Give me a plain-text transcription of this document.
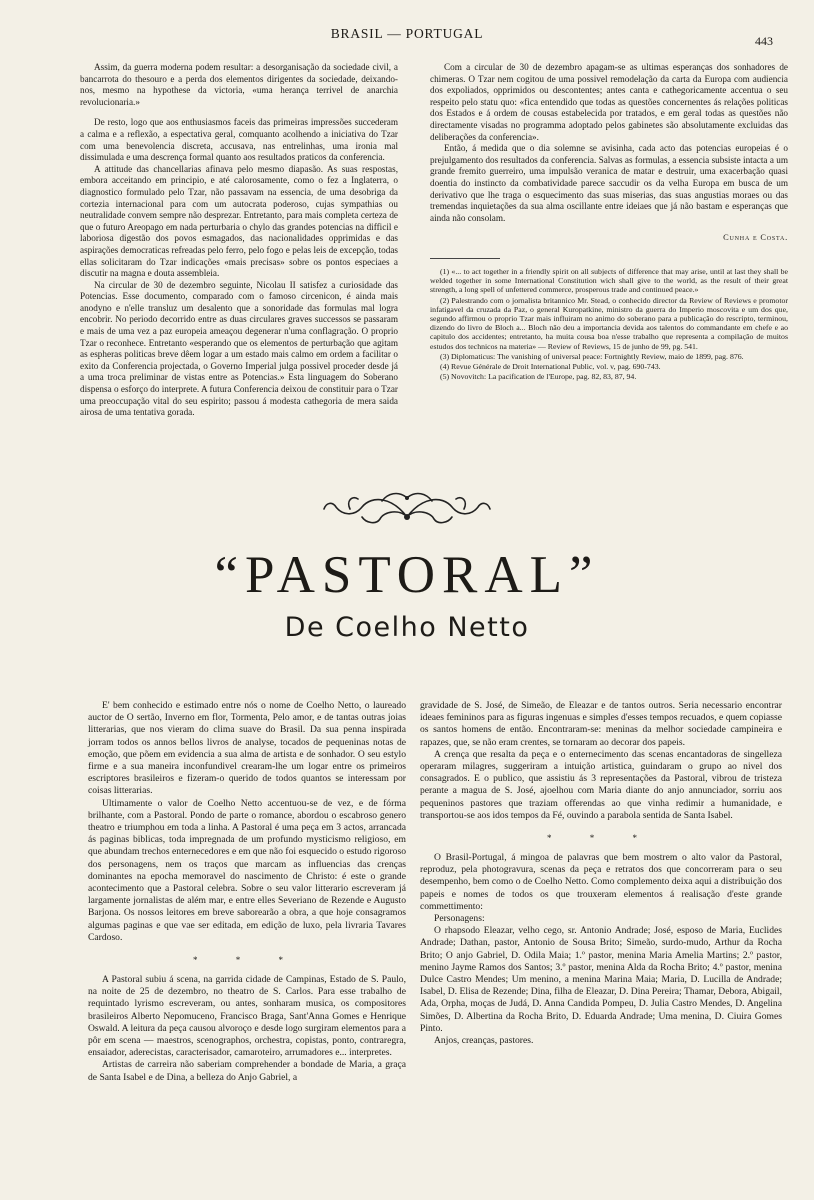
BRASIL — PORTUGAL	443

Assim, da guerra moderna podem resultar: a desorganisação da sociedade civil, a bancarrota do thesouro e a perda dos elementos dirigentes da sociedade, deixando-nos, mesmo na hypothese da victoria, «uma herança terrivel de anarchia revolucionaria.»

De resto, logo que aos enthusiasmos faceis das primeiras impressões succederam a calma e a reflexão, a espectativa geral, comquanto acolhendo a iniciativa do Tzar com uma benevolencia discreta, accusava, nas entrelinhas, uma ironia mal dissimulada e uma descrença formal quanto aos resultados praticos da conferencia.

A attitude das chancellarias afinava pelo mesmo diapasão. As suas respostas, embora acceitando em principio, e até calorosamente, como o fez a Inglaterra, o diagnostico formulado pelo Tzar, não passavam na essencia, de uma desobriga da cortezia internacional para com um autocrata poderoso, cujas sympathias ou neutralidade convem sempre não desprezar. Entretanto, para mais completa certeza de que o futuro Areopago em nada perturbaria o chylo das grandes potencias na difficil e laboriosa digestão dos povos esmagados, das nacionalidades opprimidas e das aspirações democraticas refreadas pelo ferro, pelo fogo e pelas leis de excepção, todas ellas solicitaram do Tzar indicações «mais precisas» sobre os pontos especiaes a discutir na magna e douta assembleia.

Na circular de 30 de dezembro seguinte, Nicolau II satisfez a curiosidade das Potencias. Esse documento, comparado com o famoso circenicon, é ainda mais anodyno e n'elle transluz um desalento que a sonoridade das formulas mal logra encobrir. No periodo decorrido entre as duas circulares graves successos se passaram e mais de uma vez a paz europeia ameaçou degenerar n'uma conflagração. O proprio Tzar o reconhece. Entretanto «esperando que os elementos de perturbação que agitam as espheras politicas breve dêem logar a um estado mais calmo em ordem a facilitar o exito da Conferencia projectada, o Governo Imperial julga possivel proceder desde já a uma troca preliminar de vistas entre as Potencias.» Esta linguagem do Soberano dispensa o esforço do interprete. A futura Conferencia deixou de constituir para o Tzar uma preoccupação vital do seu espirito; passou á modesta cathegoria de mera saida airosa de uma tentativa gorada.

Com a circular de 30 de dezembro apagam-se as ultimas esperanças dos sonhadores de chimeras. O Tzar nem cogitou de uma possivel remodelação da carta da Europa com audiencia dos expoliados, opprimidos ou descontentes; antes canta e cathegoricamente accentua o seu respeito pelo statu quo: «fica entendido que todas as questões concernentes ás relações politicas dos Estados e á ordem de cousas estabelecida por tratados, e em geral todas as questões não directamente visadas no programma adoptado pelos gabinetes são absolutamente excluidas das deliberações da conferencia».

Então, á medida que o dia solemne se avisinha, cada acto das potencias europeias é o prejulgamento dos resultados da conferencia. Salvas as formulas, a essencia subsiste intacta a um grande fremito guerreiro, uma impulsão veranica de matar e destruir, uma exacerbação quasi doentia do instincto da combatividade parece saccudir os da velha Europa em busca de um derivativo que lhe traga o esquecimento das suas miserias, das suas angustias moraes ou das tremendas inquietações da sua alma oscillante entre ideiaes que já não bastam e esperanças que ainda não consolam.

Cunha e Costa.
(1) «... to act together in a friendly spirit on all subjects of difference that may arise, until at last they shall be welded together in some International Constitution wich shall give to the world, as the result of their great strength, a long spell of unfettered commerce, prosperous trade and continued peace.»
(2) Palestrando com o jornalista britannico Mr. Stead, o conhecido director da Review of Reviews e promotor infatigavel da cruzada da Paz, o general Kuropatkine, ministro da guerra do Imperio moscovita e um dos que, segundo affirmou o proprio Tzar mais influiram no animo do soberano para a publicação do rescripto, terminou, dizendo do livro de Bloch a... Bloch não deu a importancia devida aos talentos do commandante em chefe e ao capitulo dos accidentes; entretanto, ha muita cousa boa n'esse trabalho que representa a compilação de muitos estudos dos technicos na materia» — Review of Reviews, 15 de junho de 99, pg. 541.
(3) Diplomaticus: The vanishing of universal peace: Fortnightly Review, maio de 1899, pag. 876.
(4) Revue Générale de Droit International Public, vol. v, pag. 690-743.
(5) Novovitch: La pacification de l'Europe, pag. 82, 83, 87, 94.
“PASTORAL”
De Coelho Netto

E' bem conhecido e estimado entre nós o nome de Coelho Netto, o laureado auctor de O sertão, Inverno em flor, Tormenta, Pelo amor, e de tantas outras joias litterarias, que nos vieram do clima suave do Brasil. Da sua penna inspirada jorram todos os annos bellos livros de analyse, tocados de pequeninas notas de emoção, que põem em evidencia a sua alma de artista e de sonhador. O seu estylo firme e a sua maneira inconfundivel crearam-lhe um logar entre os primeiros escriptores brasileiros e fizeram-o querido de todos quantos se interessam por coisas litterarias.

Ultimamente o valor de Coelho Netto accentuou-se de vez, e de fórma brilhante, com a Pastoral. Pondo de parte o romance, abordou o escabroso genero theatro e triumphou em toda a linha. A Pastoral é uma peça em 3 actos, arrancada ás paginas biblicas, toda impregnada de um profundo mysticismo religioso, em que abundam trechos enternecedores e em que não foi esquecido o estudo rigoroso dos personagens, nem os traços que marcam as influencias das crenças dominantes na epocha memoravel do nascimento de Christo: é este o grande acontecimento que a Pastoral celebra. Sobre o seu valor litterario escreveram já largamente jornalistas de além mar, e entre elles Severiano de Rezende e Augusto Barjona. Os nossos leitores em breve saborearão a obra, a que hoje consagramos algumas paginas e que vae ser editada, em edição de luxo, pela livraria Tavares Cardoso.

* * *

A Pastoral subiu á scena, na garrida cidade de Campinas, Estado de S. Paulo, na noite de 25 de dezembro, no theatro de S. Carlos. Para esse trabalho de requintado lyrismo escreveram, ou antes, sonharam musica, os compositores brasileiros Alberto Nepomuceno, Francisco Braga, Sant'Anna Gomes e Henrique Oswald. A leitura da peça causou alvoroço e desde logo surgiram elementos para a pôr em scena — maestros, scenographos, orchestra, copistas, ponto, contraregra, ensaiador, aderecistas, caracterisador, camaroteiro, arrumadores e... interpretes.

Artistas de carreira não saberiam comprehender a bondade de Maria, a graça de Santa Isabel e de Dina, a belleza do Anjo Gabriel, a

gravidade de S. José, de Simeão, de Eleazar e de tantos outros. Seria necessario encontrar ideaes femininos para as figuras ingenuas e simples d'esses tempos recuados, e quem copiasse os santos homens de então. Encontraram-se: meninas da melhor sociedade campineira e rapazes, que, se não eram crentes, se tornaram ao decorar dos papeis.

A crença que resalta da peça e o enternecimento das scenas encantadoras de singelleza operaram milagres, suggeriram a intuição artistica, guindaram o grupo ao nivel dos consagrados. E o publico, que assistiu ás 3 representações da Pastoral, vibrou de tristeza perante a magua de S. José, ajoelhou com Maria diante do anjo annunciador, sorriu aos pequeninos pastores que traziam offerendas ao que vinha redimir a humanidade, e transportou-se aos idos tempos da Fé, ouvindo a parabola sentida de Santa Isabel.

* * *

O Brasil-Portugal, á mingoa de palavras que bem mostrem o alto valor da Pastoral, reproduz, pela photogravura, scenas da peça e retratos dos que concorreram para o seu desempenho, bem como o de Coelho Netto. Como complemento deixa aqui a distribuição dos papeis e nomes de todos os que trouxeram elementos á realisação d'este grande commettimento:

Personagens:

O rhapsodo Eleazar, velho cego, sr. Antonio Andrade; José, esposo de Maria, Euclides Andrade; Dathan, pastor, Antonio de Sousa Brito; Simeão, surdo-mudo, Arthur da Rocha Brito; O anjo Gabriel, D. Odila Maia; 1.º pastor, menina Maria Amelia Martins; 2.º pastor, menino Jayme Ramos dos Santos; 3.º pastor, menina Alda da Rocha Brito; 4.º pastor, menina Dulce Castro Mendes; Um menino, a menina Marina Maia; Maria, D. Lucilla de Andrade; Isabel, D. Elisa de Rezende; Dina, filha de Eleazar, D. Dina Pereira; Thamar, Debora, Abigail, Ada, Orpha, moças de Judá, D. Anna Candida Pompeu, D. Julia Castro Mendes, D. Angelina Simões, D. Albertina da Rocha Brito, D. Eduarda Andrade; Uma menina, D. Ciuira Gomes Pinto.

Anjos, creanças, pastores.
